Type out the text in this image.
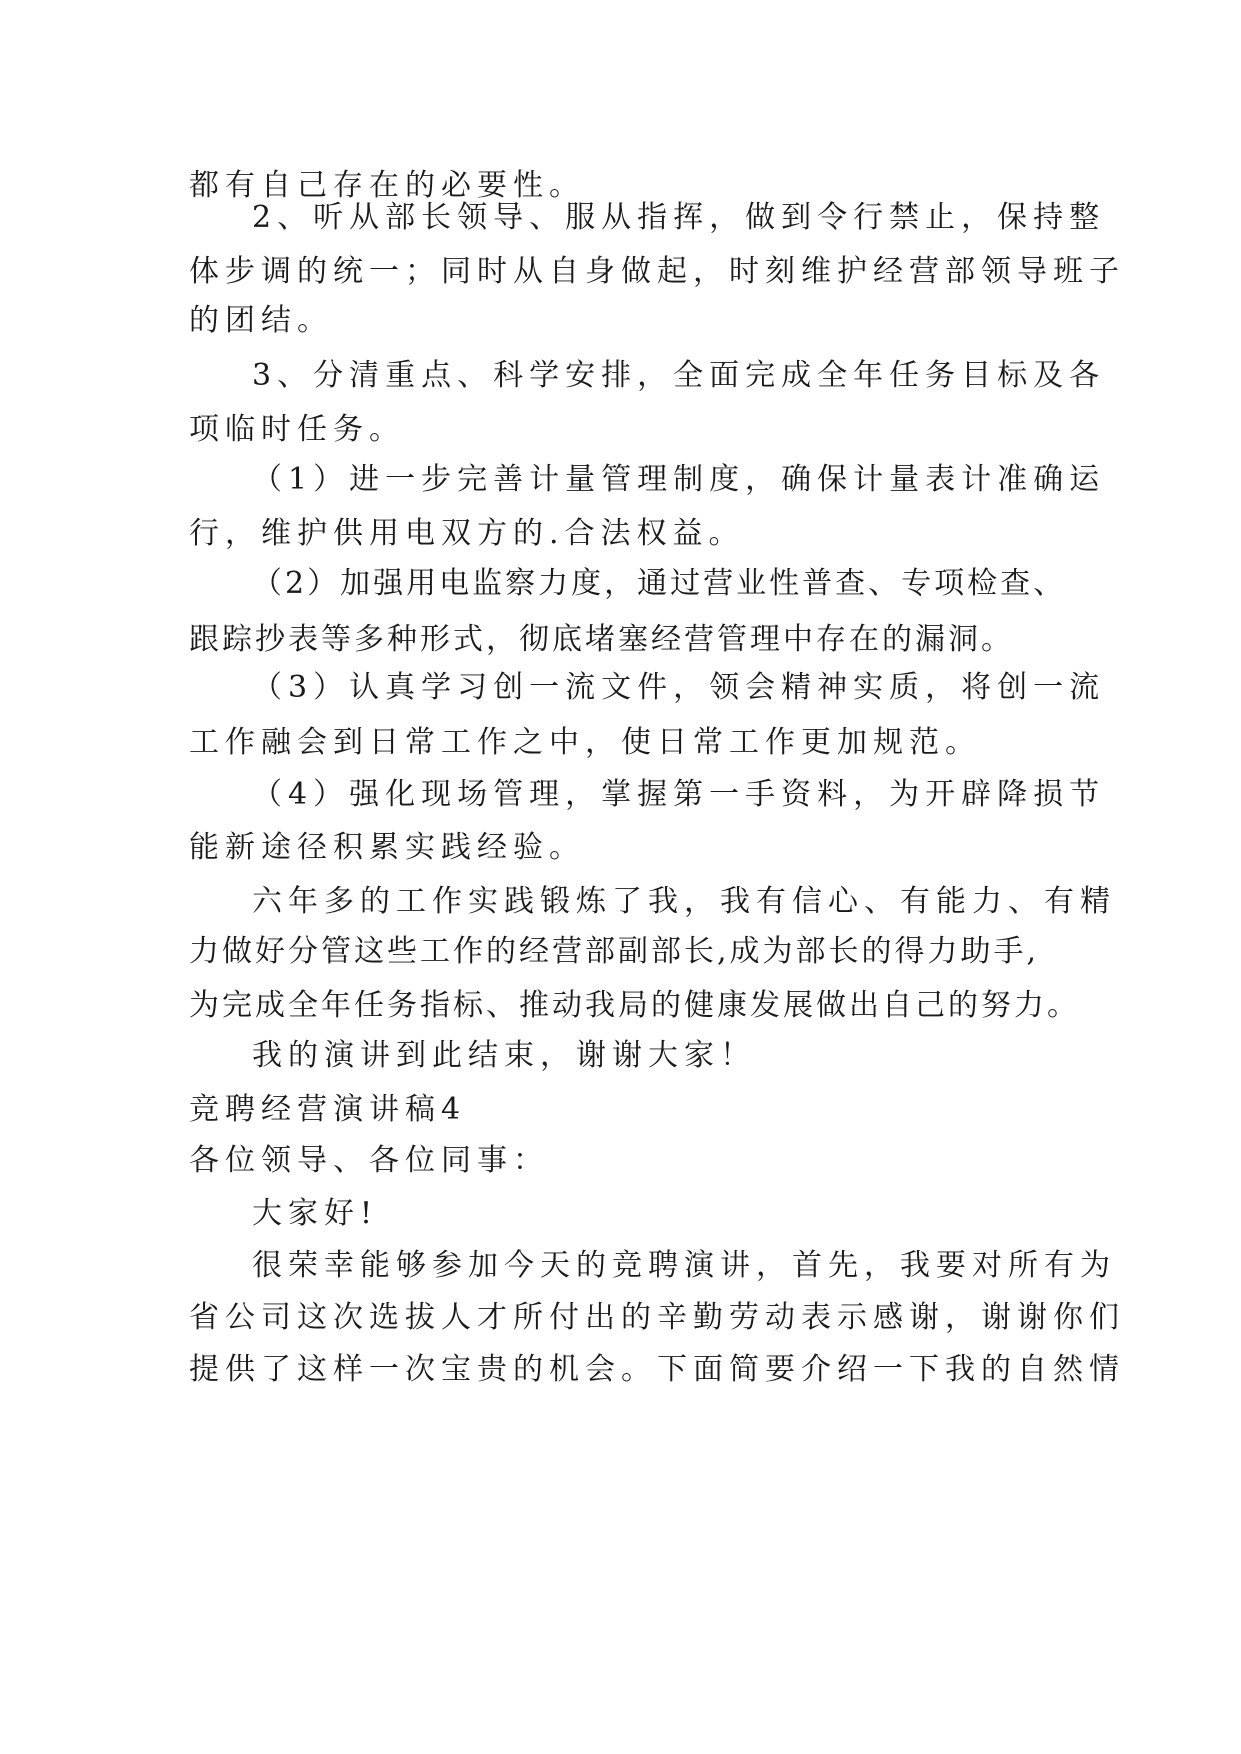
都有自己存在的必要性。
2、听从部长领导、服从指挥，做到令行禁止，保持整
体步调的统一；同时从自身做起，时刻维护经营部领导班子
的团结。
3、分清重点、科学安排，全面完成全年任务目标及各
项临时任务。
（1）进一步完善计量管理制度，确保计量表计准确运
行，维护供用电双方的.合法权益。
（2）加强用电监察力度，通过营业性普查、专项检查、
跟踪抄表等多种形式，彻底堵塞经营管理中存在的漏洞。
（3）认真学习创一流文件，领会精神实质，将创一流
工作融会到日常工作之中，使日常工作更加规范。
（4）强化现场管理，掌握第一手资料，为开辟降损节
能新途径积累实践经验。
六年多的工作实践锻炼了我，我有信心、有能力、有精
力做好分管这些工作的经营部副部长,成为部长的得力助手,
为完成全年任务指标、推动我局的健康发展做出自己的努力。
我的演讲到此结束，谢谢大家！
竞聘经营演讲稿4
各位领导、各位同事：
大家好!
很荣幸能够参加今天的竞聘演讲，首先，我要对所有为
省公司这次选拔人才所付出的辛勤劳动表示感谢，谢谢你们
提供了这样一次宝贵的机会。下面简要介绍一下我的自然情
